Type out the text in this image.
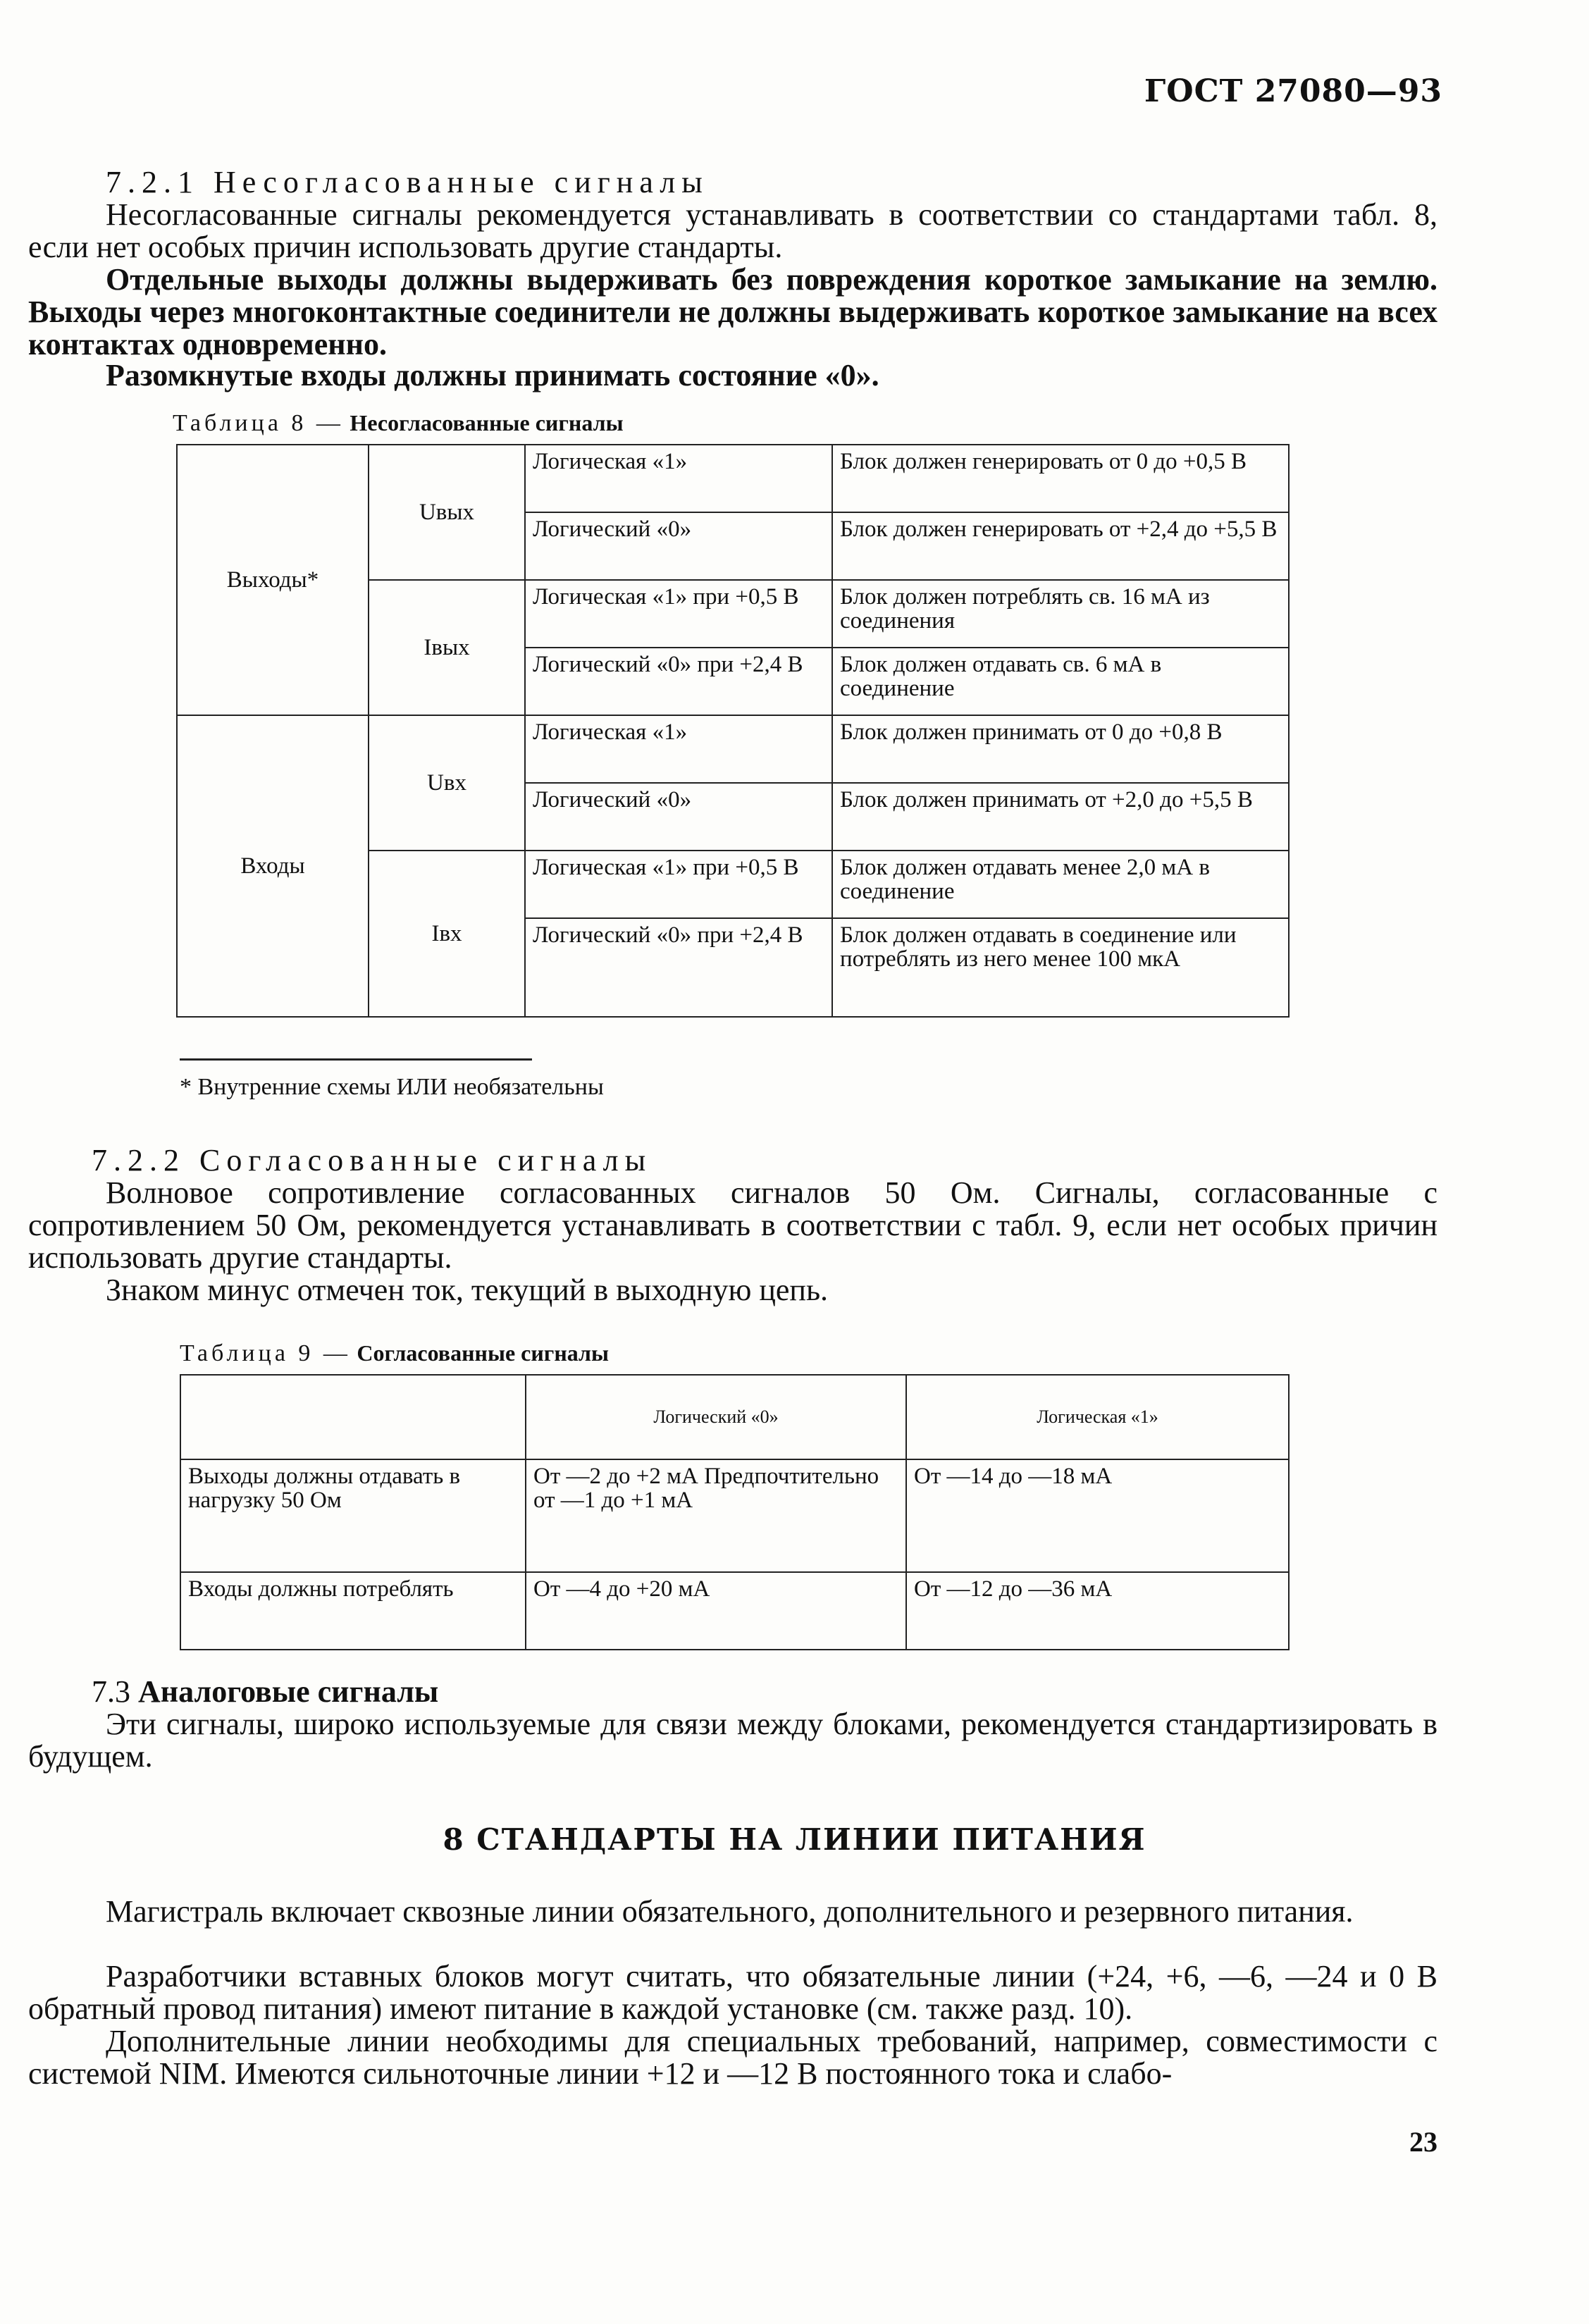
ГОСТ 27080—93
7.2.1 Несогласованные сигналы
Несогласованные сигналы рекомендуется устанавливать в соответствии со стандартами табл. 8, если нет особых причин использовать другие стандарты.
Отдельные выходы должны выдерживать без повреждения короткое замыкание на землю. Выходы через многоконтактные соединители не должны выдерживать короткое замыкание на всех контактах одновременно.
Разомкнутые входы должны принимать состояние «0».
Таблица 8 — Несогласованные сигналы
Выходы*	Uвых	Логическая «1»	Блок должен генерировать от 0 до +0,5 В
		Логический «0»	Блок должен генерировать от +2,4 до +5,5 В
	Iвых	Логическая «1» при +0,5 В	Блок должен потреблять св. 16 мА из соединения
		Логический «0» при +2,4 В	Блок должен отдавать св. 6 мА в соединение
Входы	Uвх	Логическая «1»	Блок должен принимать от 0 до +0,8 В
		Логический «0»	Блок должен принимать от +2,0 до +5,5 В
	Iвх	Логическая «1» при +0,5 В	Блок должен отдавать менее 2,0 мА в соединение
		Логический «0» при +2,4 В	Блок должен отдавать в соединение или потреблять из него менее 100 мкА
* Внутренние схемы ИЛИ необязательны
7.2.2 Согласованные сигналы
Волновое сопротивление согласованных сигналов 50 Ом. Сигналы, согласованные с сопротивлением 50 Ом, рекомендуется устанавливать в соответствии с табл. 9, если нет особых причин использовать другие стандарты.
Знаком минус отмечен ток, текущий в выходную цепь.
Таблица 9 — Согласованные сигналы
	Логический «0»	Логическая «1»
Выходы должны отдавать в нагрузку 50 Ом	От —2 до +2 мА Предпочтительно от —1 до +1 мА	От —14 до —18 мА
Входы должны потреблять	От —4 до +20 мА	От —12 до —36 мА
7.3 Аналоговые сигналы
Эти сигналы, широко используемые для связи между блоками, рекомендуется стандартизировать в будущем.
8 СТАНДАРТЫ НА ЛИНИИ ПИТАНИЯ
Магистраль включает сквозные линии обязательного, дополнительного и резервного питания.
Разработчики вставных блоков могут считать, что обязательные линии (+24, +6, —6, —24 и 0 В обратный провод питания) имеют питание в каждой установке (см. также разд. 10).
Дополнительные линии необходимы для специальных требований, например, совместимости с системой NIM. Имеются сильноточные линии +12 и —12 В постоянного тока и слабо-
23
